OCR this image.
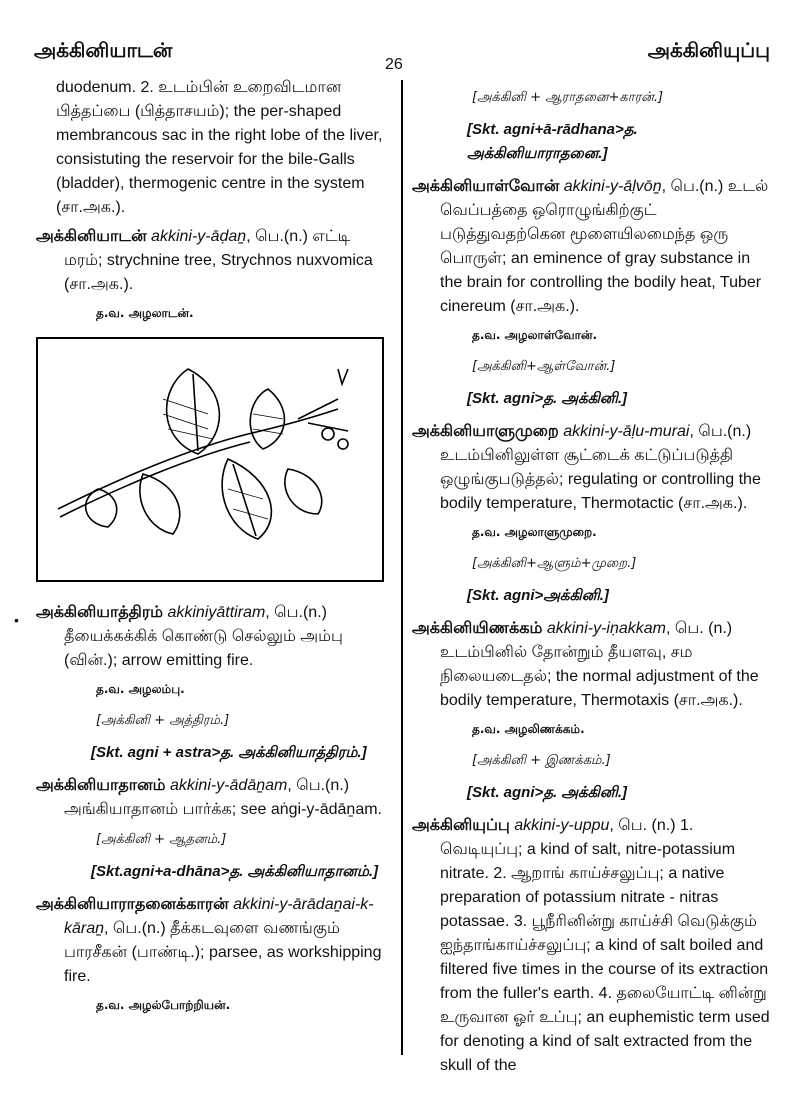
அக்கினியாடன்
26
அக்கினியுப்பு
•

duodenum. 2. உடம்பின் உறைவிடமான பித்தப்பை (பித்தாசயம்); the per-shaped membrancous sac in the right lobe of the liver, consistuting the reservoir for the bile-Galls (bladder), thermogenic centre in the system (சா.அக.).

அக்கினியாடன் akkini-y-āḍaṉ, பெ.(n.) எட்டி மரம்; strychnine tree, Strychnos nuxvomica (சா.அக.).

த.வ. அழலாடன்.

அக்கினியாத்திரம் akkiniyāttiram, பெ.(n.) தீயைக்கக்கிக் கொண்டு செல்லும் அம்பு (வின்.); arrow emitting fire.

த.வ. அழலம்பு.
[அக்கினி + அத்திரம்.]
[Skt. agni + astra>த. அக்கினியாத்திரம்.]

அக்கினியாதானம் akkini-y-ādāṉam, பெ.(n.) அங்கியாதானம் பார்க்க; see aṅgi-y-ādāṉam.

[அக்கினி + ஆதனம்.]
[Skt.agni+a-dhāna>த. அக்கினியாதானம்.]

அக்கினியாராதனைக்காரன் akkini-y-ārādaṉai-k-kāraṉ, பெ.(n.) தீக்கடவுளை வணங்கும் பாரசீகன் (பாண்டி.); parsee, as workshipping fire.

த.வ. அழல்போற்றியன்.
[அக்கினி + ஆராதனை+காரன்.]
[Skt. agni+ā-rādhana>த. அக்கினியாராதனை.]

அக்கினியாள்வோன் akkini-y-āḷvōṉ, பெ.(n.) உடல் வெப்பத்தை ஒரொழுங்கிற்குட் படுத்துவதற்கென மூளையிலமைந்த ஒரு பொருள்; an eminence of gray substance in the brain for controlling the bodily heat, Tuber cinereum (சா.அக.).

த.வ. அழலாள்வோன்.
[அக்கினி+ஆள்வோன்.]
[Skt. agni>த. அக்கினி.]

அக்கினியாளுமுறை akkini-y-āḷu-murai, பெ.(n.) உடம்பினிலுள்ள சூட்டைக் கட்டுப்படுத்தி ஒழுங்குபடுத்தல்; regulating or controlling the bodily temperature, Thermotactic (சா.அக.).

த.வ. அழலாளுமுறை.
[அக்கினி+ஆளும்+முறை.]
[Skt. agni>அக்கினி.]

அக்கினியிணக்கம் akkini-y-iṇakkam, பெ. (n.) உடம்பினில் தோன்றும் தீயளவு, சம நிலையடைதல்; the normal adjustment of the bodily temperature, Thermotaxis (சா.அக.).

த.வ. அழலிணக்கம்.
[அக்கினி + இணக்கம்.]
[Skt. agni>த. அக்கினி.]

அக்கினியுப்பு akkini-y-uppu, பெ. (n.) 1. வெடியுப்பு; a kind of salt, nitre-potassium nitrate. 2. ஆறாங் காய்ச்சலுப்பு; a native preparation of potassium nitrate - nitras potassae. 3. பூநீரினின்று காய்ச்சி வெடுக்கும் ஐந்தாங்காய்ச்சலுப்பு; a kind of salt boiled and filtered five times in the course of its extraction from the fuller's earth. 4. தலையோட்டி னின்று உருவான ஓர் உப்பு; an euphemistic term used for denoting a kind of salt extracted from the skull of the
